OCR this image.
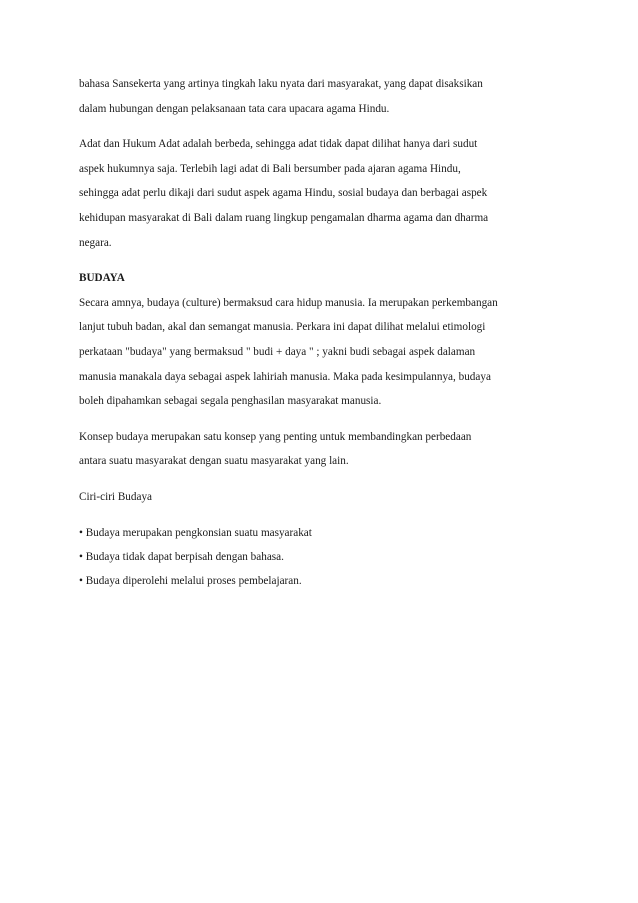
bahasa Sansekerta yang artinya tingkah laku nyata dari masyarakat, yang dapat disaksikan
dalam hubungan dengan pelaksanaan tata cara upacara agama Hindu.

Adat dan Hukum Adat adalah berbeda, sehingga adat tidak dapat dilihat hanya dari sudut
aspek hukumnya saja. Terlebih lagi adat di Bali bersumber pada ajaran agama Hindu,
sehingga adat perlu dikaji dari sudut aspek agama Hindu, sosial budaya dan berbagai aspek
kehidupan masyarakat di Bali dalam ruang lingkup pengamalan dharma agama dan dharma
negara.

BUDAYA
Secara amnya, budaya (culture) bermaksud cara hidup manusia. Ia merupakan perkembangan
lanjut tubuh badan, akal dan semangat manusia. Perkara ini dapat dilihat melalui etimologi
perkataan "budaya" yang bermaksud " budi + daya " ; yakni budi sebagai aspek dalaman
manusia manakala daya sebagai aspek lahiriah manusia. Maka pada kesimpulannya, budaya
boleh dipahamkan sebagai segala penghasilan masyarakat manusia.

Konsep budaya merupakan satu konsep yang penting untuk membandingkan perbedaan
antara suatu masyarakat dengan suatu masyarakat yang lain.

Ciri-ciri Budaya

• Budaya merupakan pengkonsian suatu masyarakat
• Budaya tidak dapat berpisah dengan bahasa.
• Budaya diperolehi melalui proses pembelajaran.
